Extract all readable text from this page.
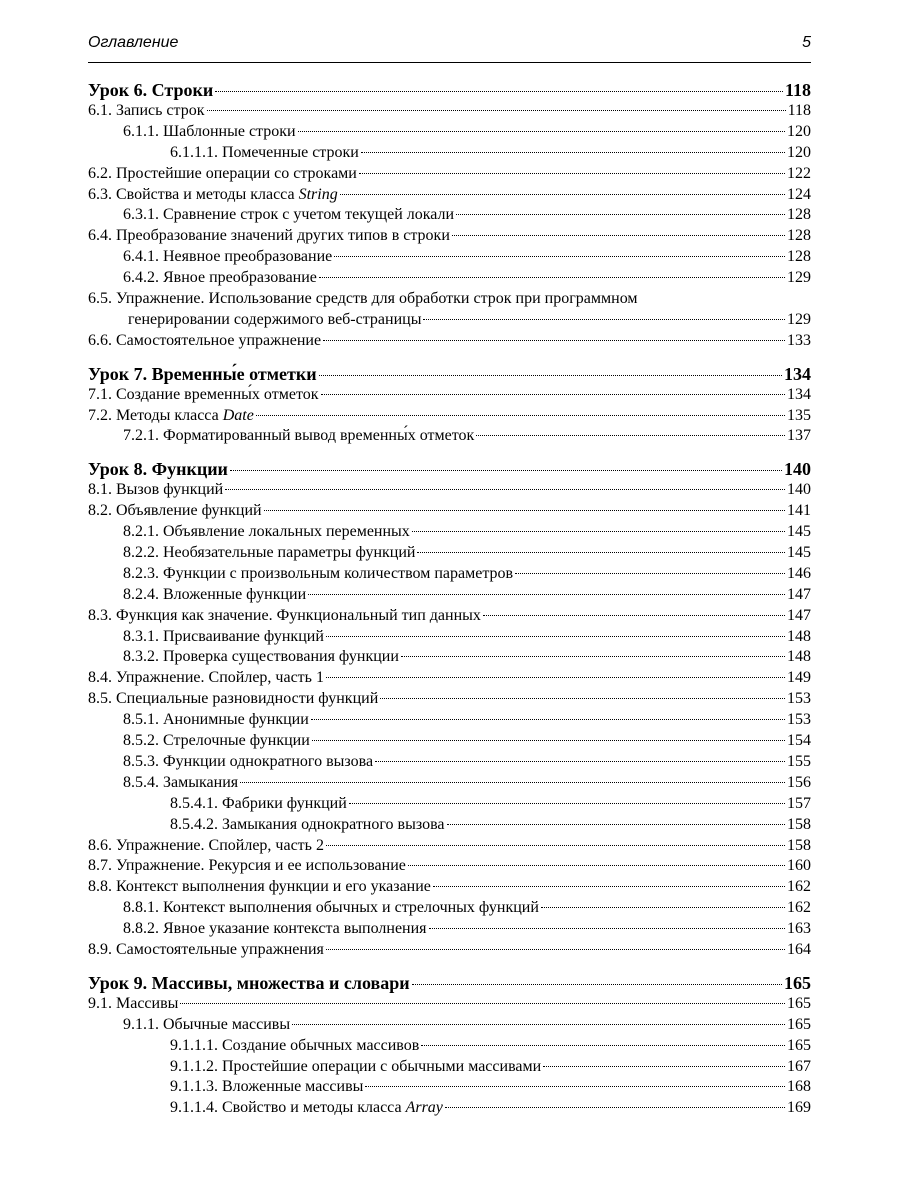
Оглавление	5
Урок 6. Строки	118
6.1. Запись строк	118
6.1.1. Шаблонные строки	120
6.1.1.1. Помеченные строки	120
6.2. Простейшие операции со строками	122
6.3. Свойства и методы класса String	124
6.3.1. Сравнение строк с учетом текущей локали	128
6.4. Преобразование значений других типов в строки	128
6.4.1. Неявное преобразование	128
6.4.2. Явное преобразование	129
6.5. Упражнение. Использование средств для обработки строк при программном
генерировании содержимого веб-страницы	129
6.6. Самостоятельное упражнение	133
Урок 7. Временны́е отметки	134
7.1. Создание временны́х отметок	134
7.2. Методы класса Date	135
7.2.1. Форматированный вывод временны́х отметок	137
Урок 8. Функции	140
8.1. Вызов функций	140
8.2. Объявление функций	141
8.2.1. Объявление локальных переменных	145
8.2.2. Необязательные параметры функций	145
8.2.3. Функции с произвольным количеством параметров	146
8.2.4. Вложенные функции	147
8.3. Функция как значение. Функциональный тип данных	147
8.3.1. Присваивание функций	148
8.3.2. Проверка существования функции	148
8.4. Упражнение. Спойлер, часть 1	149
8.5. Специальные разновидности функций	153
8.5.1. Анонимные функции	153
8.5.2. Стрелочные функции	154
8.5.3. Функции однократного вызова	155
8.5.4. Замыкания	156
8.5.4.1. Фабрики функций	157
8.5.4.2. Замыкания однократного вызова	158
8.6. Упражнение. Спойлер, часть 2	158
8.7. Упражнение. Рекурсия и ее использование	160
8.8. Контекст выполнения функции и его указание	162
8.8.1. Контекст выполнения обычных и стрелочных функций	162
8.8.2. Явное указание контекста выполнения	163
8.9. Самостоятельные упражнения	164
Урок 9. Массивы, множества и словари	165
9.1. Массивы	165
9.1.1. Обычные массивы	165
9.1.1.1. Создание обычных массивов	165
9.1.1.2. Простейшие операции с обычными массивами	167
9.1.1.3. Вложенные массивы	168
9.1.1.4. Свойство и методы класса Array	169
